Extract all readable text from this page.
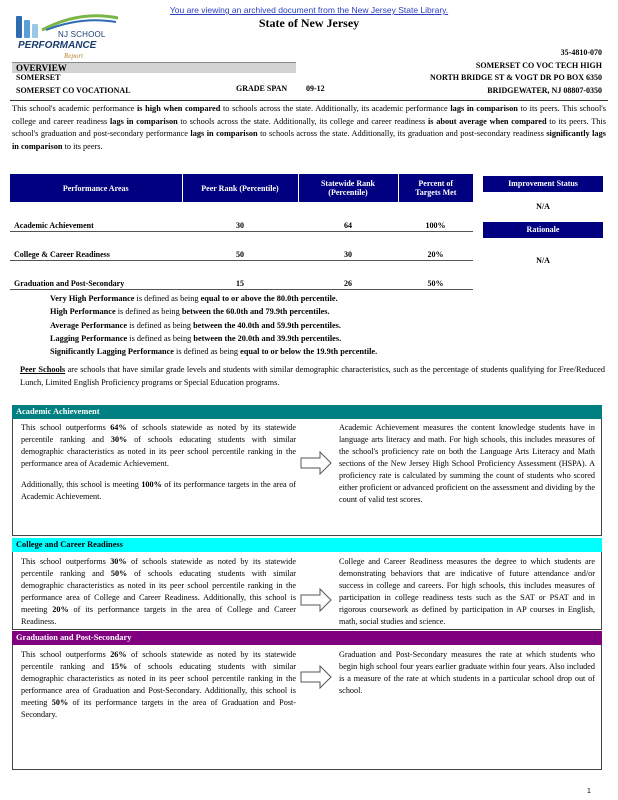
You are viewing an archived document from the New Jersey State Library.
State of New Jersey
NJ SCHOOL
PERFORMANCE
Report	35-4810-070
SOMERSET CO VOC TECH HIGH
NORTH BRIDGE ST & VOGT DR PO BOX 6350
BRIDGEWATER, NJ 08807-0350
OVERVIEW
SOMERSET
SOMERSET CO VOCATIONAL	GRADE SPAN 09-12
This school's academic performance is high when compared to schools across the state. Additionally, its academic performance lags in comparison to its peers. This school's college and career readiness lags in comparison to schools across the state. Additionally, its college and career readiness is about average when compared to its peers. This school's graduation and post-secondary performance lags in comparison to schools across the state. Additionally, its graduation and post-secondary readiness significantly lags in comparison to its peers.
Performance Areas	Peer Rank (Percentile)	Statewide Rank
(Percentile)	Percent of
Targets Met
Academic Achievement	30	64	100%
College & Career Readiness	50	30	20%
Graduation and Post-Secondary	15	26	50%
Improvement Status
N/A
Rationale
N/A
Very High Performance is defined as being equal to or above the 80.0th percentile.
High Performance is defined as being between the 60.0th and 79.9th percentiles.
Average Performance is defined as being between the 40.0th and 59.9th percentiles.
Lagging Performance is defined as being between the 20.0th and 39.9th percentiles.
Significantly Lagging Performance is defined as being equal to or below the 19.9th percentile.
Peer Schools are schools that have similar grade levels and students with similar demographic characteristics, such as the percentage of students qualifying for Free/Reduced Lunch, Limited English Proficiency programs or Special Education programs.
Academic Achievement
This school outperforms 64% of schools statewide as noted by its statewide percentile ranking and 30% of schools educating students with similar demographic characteristics as noted in its peer school percentile ranking in the performance area of Academic Achievement.
Additionally, this school is meeting 100% of its performance targets in the area of Academic Achievement.
Academic Achievement measures the content knowledge students have in language arts literacy and math. For high schools, this includes measures of the school's proficiency rate on both the Language Arts Literacy and Math sections of the New Jersey High School Proficiency Assessment (HSPA). A proficiency rate is calculated by summing the count of students who scored either proficient or advanced proficient on the assessment and dividing by the count of valid test scores.
College and Career Readiness
This school outperforms 30% of schools statewide as noted by its statewide percentile ranking and 50% of schools educating students with similar demographic characteristics as noted in its peer school percentile ranking in the performance area of College and Career Readiness. Additionally, this school is meeting 20% of its performance targets in the area of College and Career Readiness.
College and Career Readiness measures the degree to which students are demonstrating behaviors that are indicative of future attendance and/or success in college and careers. For high schools, this includes measures of participation in college readiness tests such as the SAT or PSAT and in rigorous coursework as defined by participation in AP courses in English, math, social studies and science.
Graduation and Post-Secondary
This school outperforms 26% of schools statewide as noted by its statewide percentile ranking and 15% of schools educating students with similar demographic characteristics as noted in its peer school percentile ranking in the performance area of Graduation and Post-Secondary. Additionally, this school is meeting 50% of its performance targets in the area of Graduation and Post-Secondary.
Graduation and Post-Secondary measures the rate at which students who begin high school four years earlier graduate within four years. Also included is a measure of the rate at which students in a particular school drop out of school.
1
